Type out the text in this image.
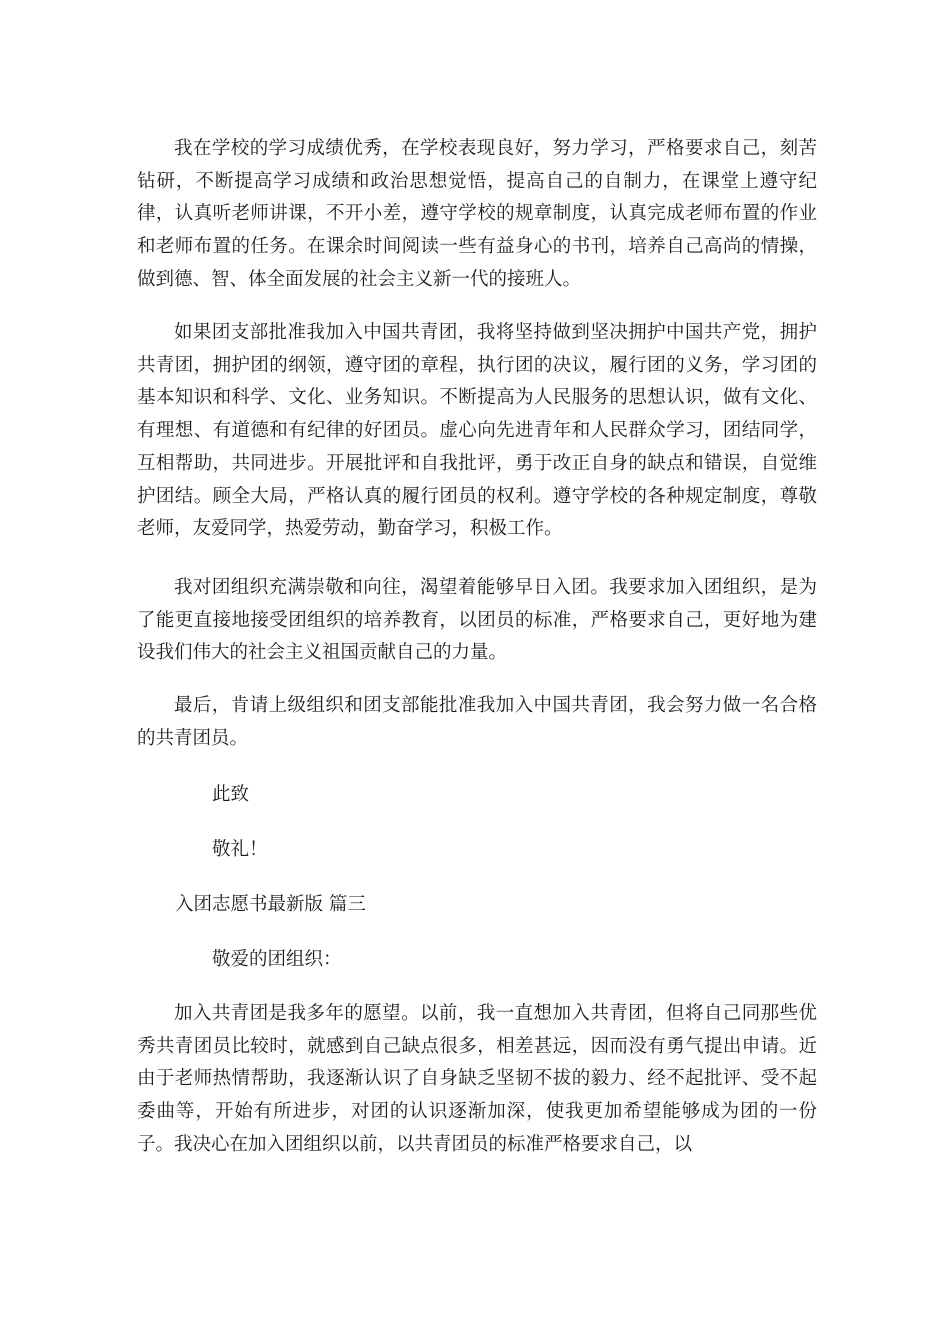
我在学校的学习成绩优秀，在学校表现良好，努力学习，严格要求自己，刻苦钻研，不断提高学习成绩和政治思想觉悟，提高自己的自制力，在课堂上遵守纪律，认真听老师讲课，不开小差，遵守学校的规章制度，认真完成老师布置的作业和老师布置的任务。在课余时间阅读一些有益身心的书刊，培养自己高尚的情操，做到德、智、体全面发展的社会主义新一代的接班人。

如果团支部批准我加入中国共青团，我将坚持做到坚决拥护中国共产党，拥护共青团，拥护团的纲领，遵守团的章程，执行团的决议，履行团的义务，学习团的基本知识和科学、文化、业务知识。不断提高为人民服务的思想认识，做有文化、有理想、有道德和有纪律的好团员。虚心向先进青年和人民群众学习，团结同学，互相帮助，共同进步。开展批评和自我批评，勇于改正自身的缺点和错误，自觉维护团结。顾全大局，严格认真的履行团员的权利。遵守学校的各种规定制度，尊敬老师，友爱同学，热爱劳动，勤奋学习，积极工作。

我对团组织充满崇敬和向往，渴望着能够早日入团。我要求加入团组织，是为了能更直接地接受团组织的培养教育，以团员的标准，严格要求自己，更好地为建设我们伟大的社会主义祖国贡献自己的力量。

最后，肯请上级组织和团支部能批准我加入中国共青团，我会努力做一名合格的共青团员。

此致

敬礼！

入团志愿书最新版 篇三

敬爱的团组织：

加入共青团是我多年的愿望。以前，我一直想加入共青团，但将自己同那些优秀共青团员比较时，就感到自己缺点很多，相差甚远，因而没有勇气提出申请。近由于老师热情帮助，我逐渐认识了自身缺乏坚韧不拔的毅力、经不起批评、受不起委曲等，开始有所进步，对团的认识逐渐加深，使我更加希望能够成为团的一份子。我决心在加入团组织以前，以共青团员的标准严格要求自己，以
